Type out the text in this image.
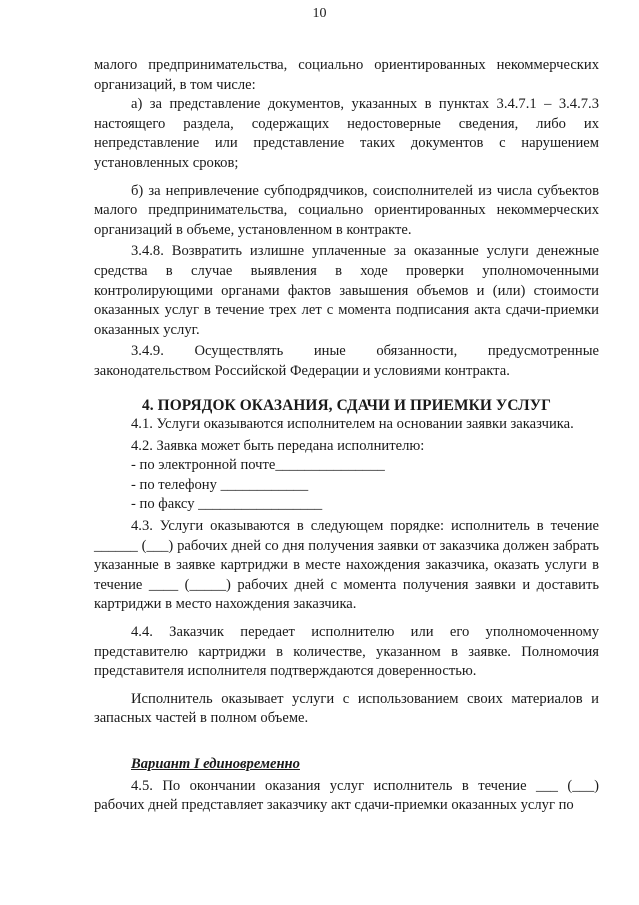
10

малого предпринимательства, социально ориентированных некоммерческих организаций, в том числе:

а) за представление документов, указанных в пунктах 3.4.7.1 – 3.4.7.3 настоящего раздела, содержащих недостоверные сведения, либо их непредставление или представление таких документов с нарушением установленных сроков;

б) за непривлечение субподрядчиков, соисполнителей из числа субъектов малого предпринимательства, социально ориентированных некоммерческих организаций в объеме, установленном в контракте.

3.4.8. Возвратить излишне уплаченные за оказанные услуги денежные средства в случае выявления в ходе проверки уполномоченными контролирующими органами фактов завышения объемов и (или) стоимости оказанных услуг в течение трех лет с момента подписания акта сдачи-приемки оказанных услуг.

3.4.9. Осуществлять иные обязанности, предусмотренные законодательством Российской Федерации и условиями контракта.

4. ПОРЯДОК ОКАЗАНИЯ, СДАЧИ И ПРИЕМКИ УСЛУГ

4.1. Услуги оказываются исполнителем на основании заявки заказчика.

4.2. Заявка может быть передана исполнителю:

- по электронной почте_______________

- по телефону ____________

- по факсу _________________

4.3. Услуги оказываются в следующем порядке: исполнитель в течение ______ (___) рабочих дней со дня получения заявки от заказчика должен забрать указанные в заявке картриджи в месте нахождения заказчика, оказать услуги в течение ____ (_____) рабочих дней с момента получения заявки и доставить картриджи в место нахождения заказчика.

4.4. Заказчик передает исполнителю или его уполномоченному представителю картриджи в количестве, указанном в заявке. Полномочия представителя исполнителя подтверждаются доверенностью.

Исполнитель оказывает услуги с использованием своих материалов и запасных частей в полном объеме.

Вариант I единовременно

4.5. По окончании оказания услуг исполнитель в течение ___ (___) рабочих дней представляет заказчику акт сдачи-приемки оказанных услуг по
